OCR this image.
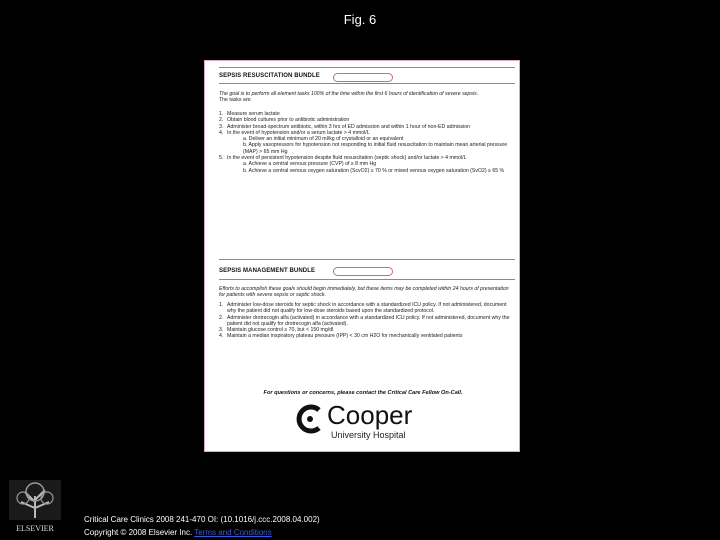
Fig. 6
SEPSIS RESUSCITATION BUNDLE
The goal is to perform all element tasks 100% of the time within the first 6 hours of identification of severe sepsis.
The tasks are:
1. Measure serum lactate
2. Obtain blood cultures prior to antibiotic administration
3. Administer broad-spectrum antibiotic, within 3 hrs of ED admission and within 1 hour of non-ED admission
4. In the event of hypotension and/or a serum lactate > 4 mmol/L
a. Deliver an initial minimum of 20 ml/kg of crystalloid or an equivalent
b. Apply vasopressors for hypotension not responding to initial fluid resuscitation to maintain mean arterial pressure (MAP) > 65 mm Hg
5. In the event of persistent hypotension despite fluid resuscitation (septic shock) and/or lactate > 4 mmol/L
a. Achieve a central venous pressure (CVP) of ≥ 8 mm Hg
b. Achieve a central venous oxygen saturation (ScvO2) ≥ 70 % or mixed venous oxygen saturation (SvO2) ≥ 65 %
SEPSIS MANAGEMENT BUNDLE
Efforts to accomplish these goals should begin immediately, but these items may be completed within 24 hours of presentation for patients with severe sepsis or septic shock.
1. Administer low-dose steroids for septic shock in accordance with a standardized ICU policy. If not administered, document why the patient did not qualify for low-dose steroids based upon the standardized protocol.
2. Administer drotrecogin alfa (activated) in accordance with a standardized ICU policy. If not administered, document why the patient did not qualify for drotrecogin alfa (activated).
3. Maintain glucose control ≥ 70, but < 150 mg/dl
4. Maintain a median inspiratory plateau pressure (IPP) < 30 cm H2O for mechanically ventilated patients
For questions or concerns, please contact the Critical Care Fellow On-Call.
Cooper
University Hospital
ELSEVIER
Critical Care Clinics 2008 241-470 OI: (10.1016/j.ccc.2008.04.002)
Copyright © 2008 Elsevier Inc. Terms and Conditions
